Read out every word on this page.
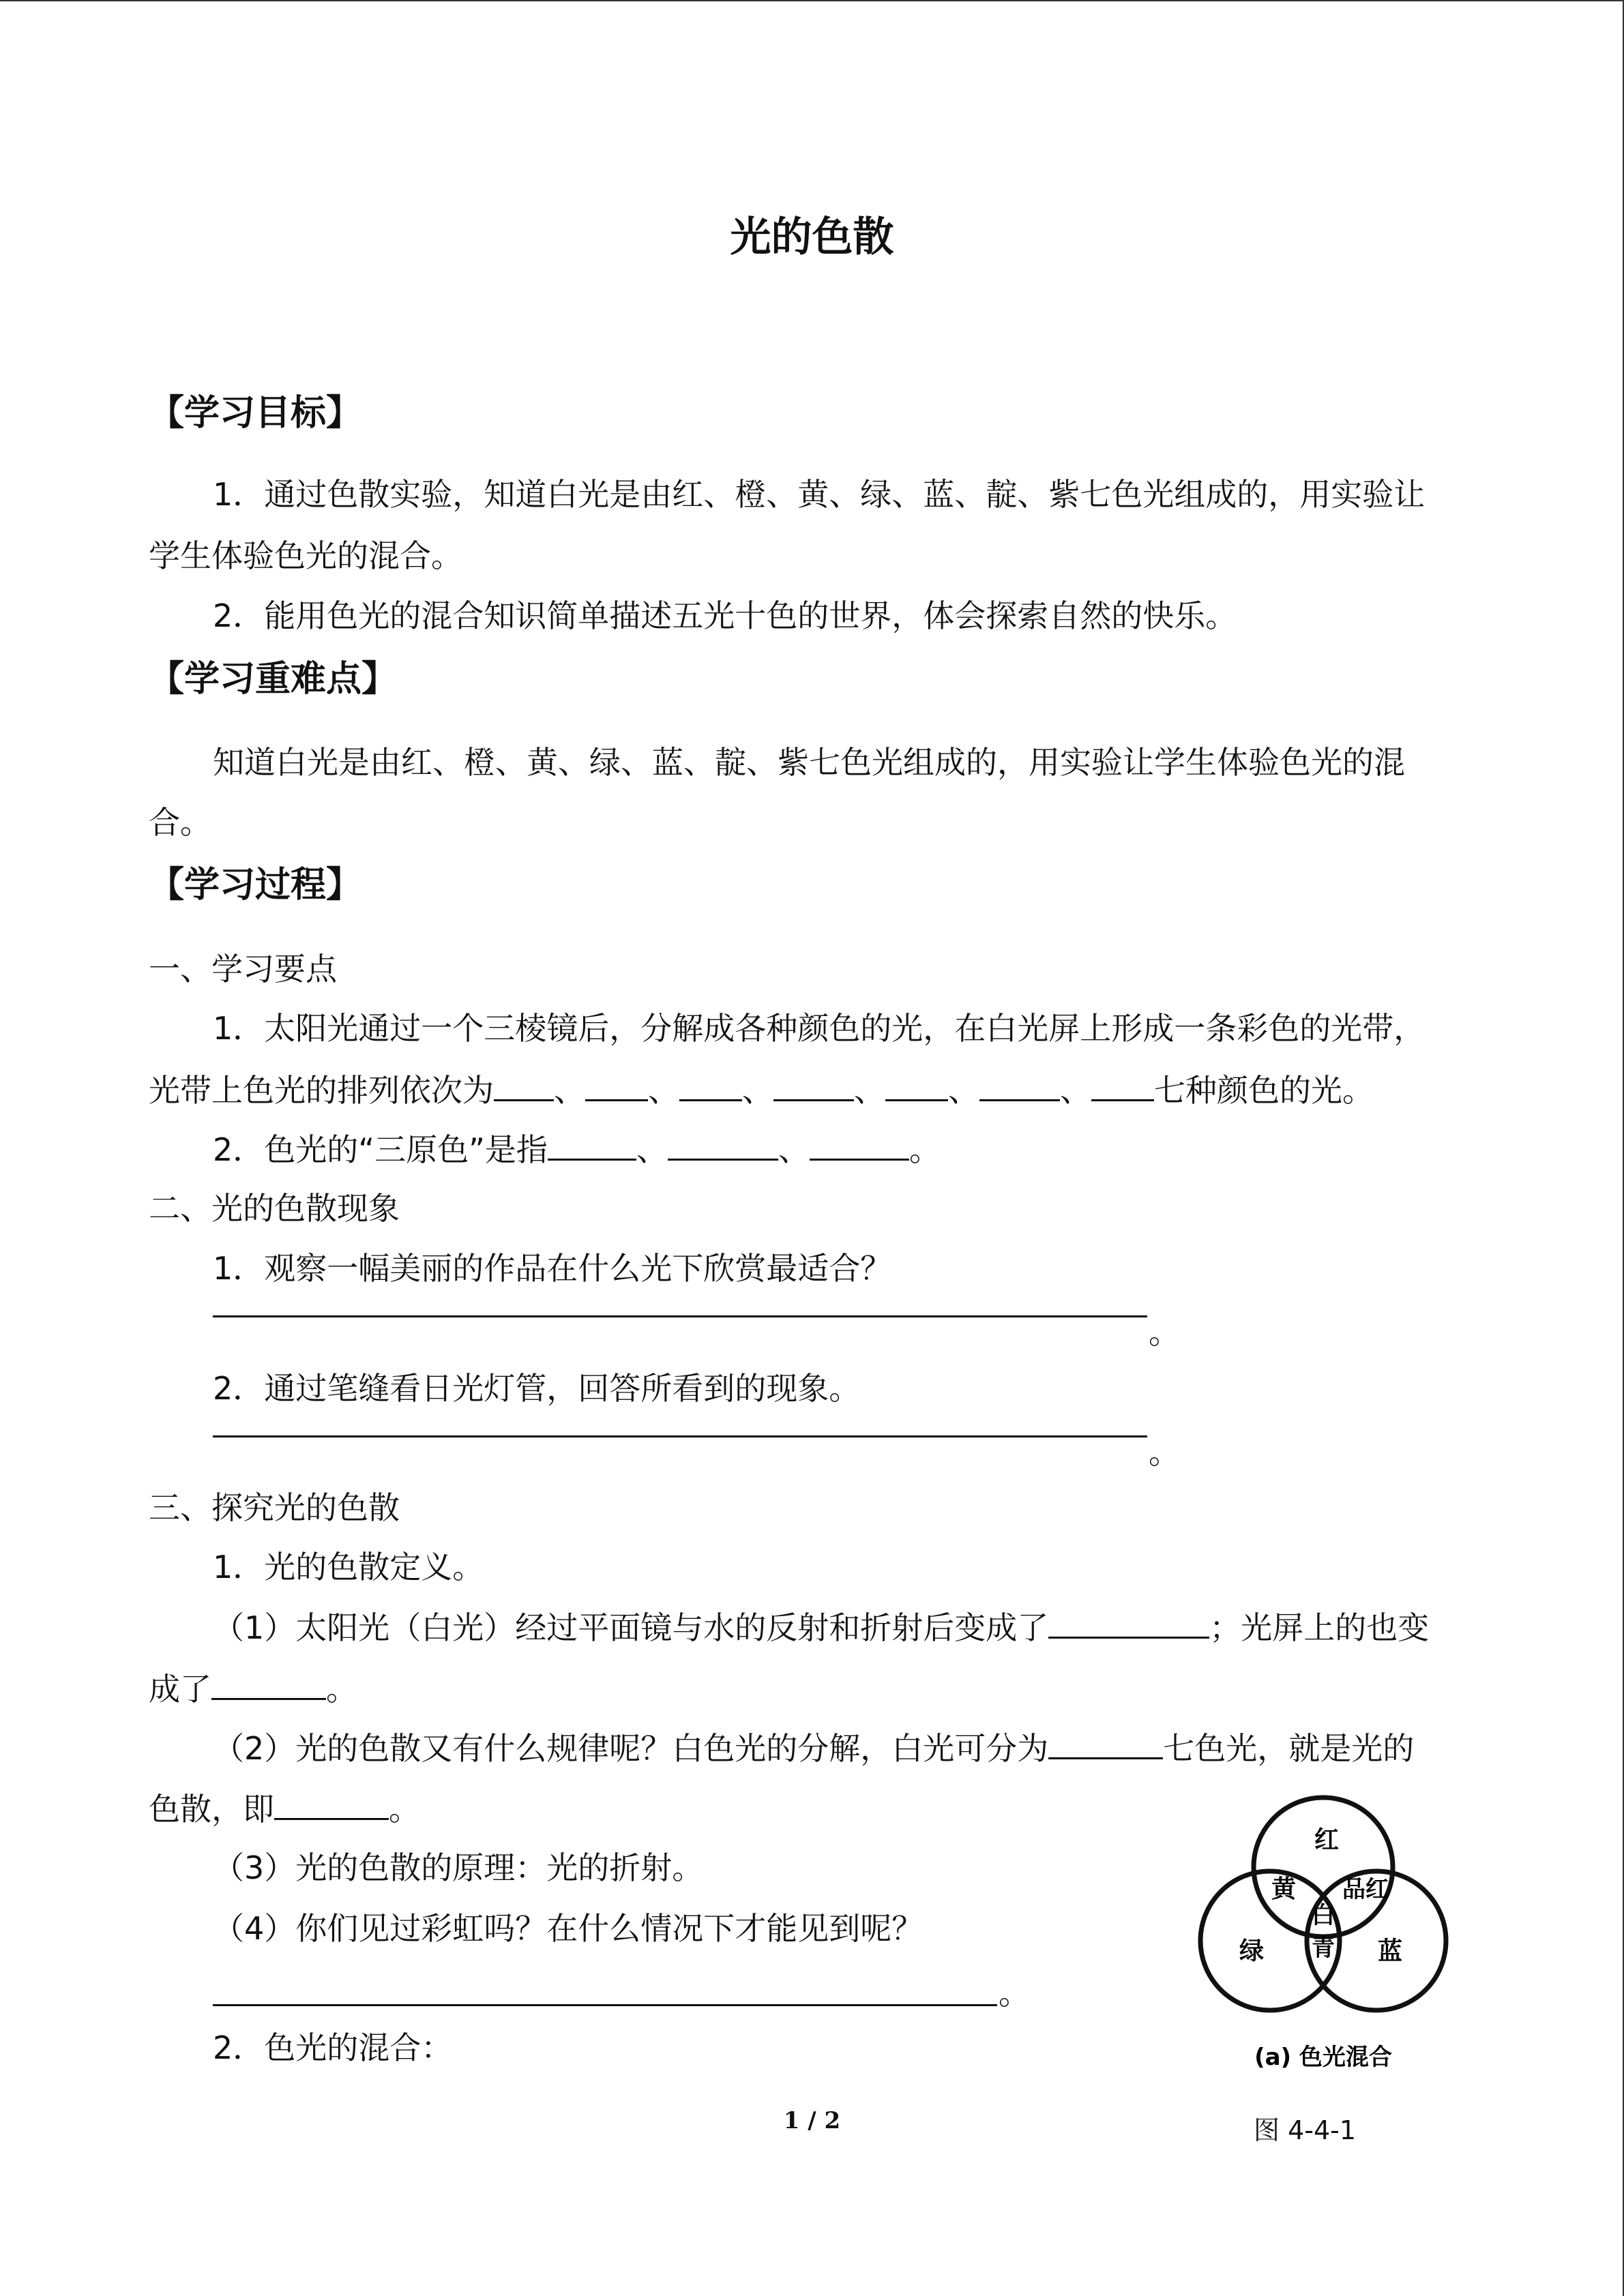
光的色散
【学习目标】
1．通过色散实验，知道白光是由红、橙、黄、绿、蓝、靛、紫七色光组成的，用实验让
学生体验色光的混合。
2．能用色光的混合知识简单描述五光十色的世界，体会探索自然的快乐。
【学习重难点】
知道白光是由红、橙、黄、绿、蓝、靛、紫七色光组成的，用实验让学生体验色光的混
合。
【学习过程】
一、学习要点
1．太阳光通过一个三棱镜后，分解成各种颜色的光，在白光屏上形成一条彩色的光带，
光带上色光的排列依次为 、 、 、	、 、	、 七种颜色的光。
2．色光的“三原色”是指	、	、	。
二、光的色散现象
1．观察一幅美丽的作品在什么光下欣赏最适合？
。
2．通过笔缝看日光灯管，回答所看到的现象。
。
三、探究光的色散
1．光的色散定义。
（1）太阳光（白光）经过平面镜与水的反射和折射后变成了	；光屏上的也变
成了	。
（2）光的色散又有什么规律呢？白色光的分解，白光可分为	七色光，就是光的
色散，即	。
（3）光的色散的原理：光的折射。
（4）你们见过彩虹吗？在什么情况下才能见到呢？
。
2．色光的混合：
红
黄 品红
白
绿 青 蓝
(a) 色光混合
图 4-4-1
1 / 2
